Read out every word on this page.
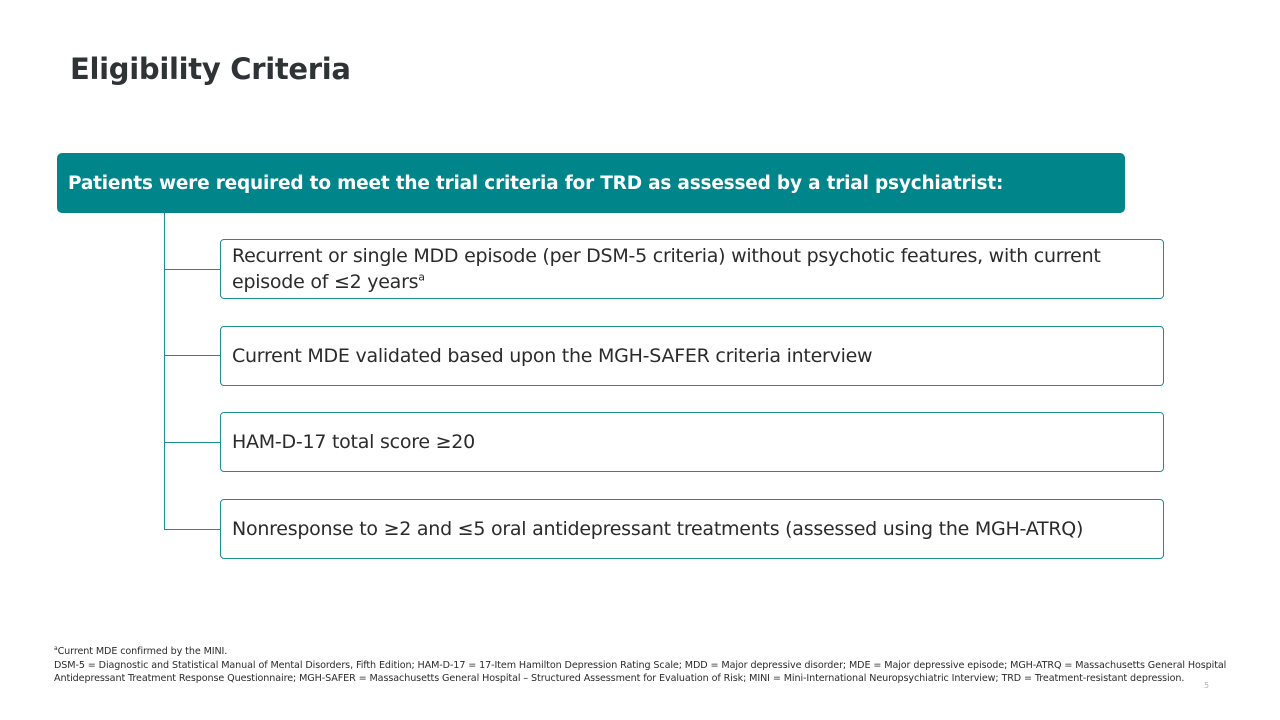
Eligibility Criteria
Patients were required to meet the trial criteria for TRD as assessed by a trial psychiatrist:
Recurrent or single MDD episode (per DSM-5 criteria) without psychotic features, with current episode of ≤2 years$^a$
Current MDE validated based upon the MGH-SAFER criteria interview
HAM-D-17 total score ≥20
Nonresponse to ≥2 and ≤5 oral antidepressant treatments (assessed using the MGH-ATRQ)
$^a$Current MDE confirmed by the MINI.
DSM-5 = Diagnostic and Statistical Manual of Mental Disorders, Fifth Edition; HAM-D-17 = 17-Item Hamilton Depression Rating Scale; MDD = Major depressive disorder; MDE = Major depressive episode; MGH-ATRQ = Massachusetts General Hospital Antidepressant Treatment Response Questionnaire; MGH-SAFER = Massachusetts General Hospital – Structured Assessment for Evaluation of Risk; MINI = Mini-International Neuropsychiatric Interview; TRD = Treatment-resistant depression.
5
